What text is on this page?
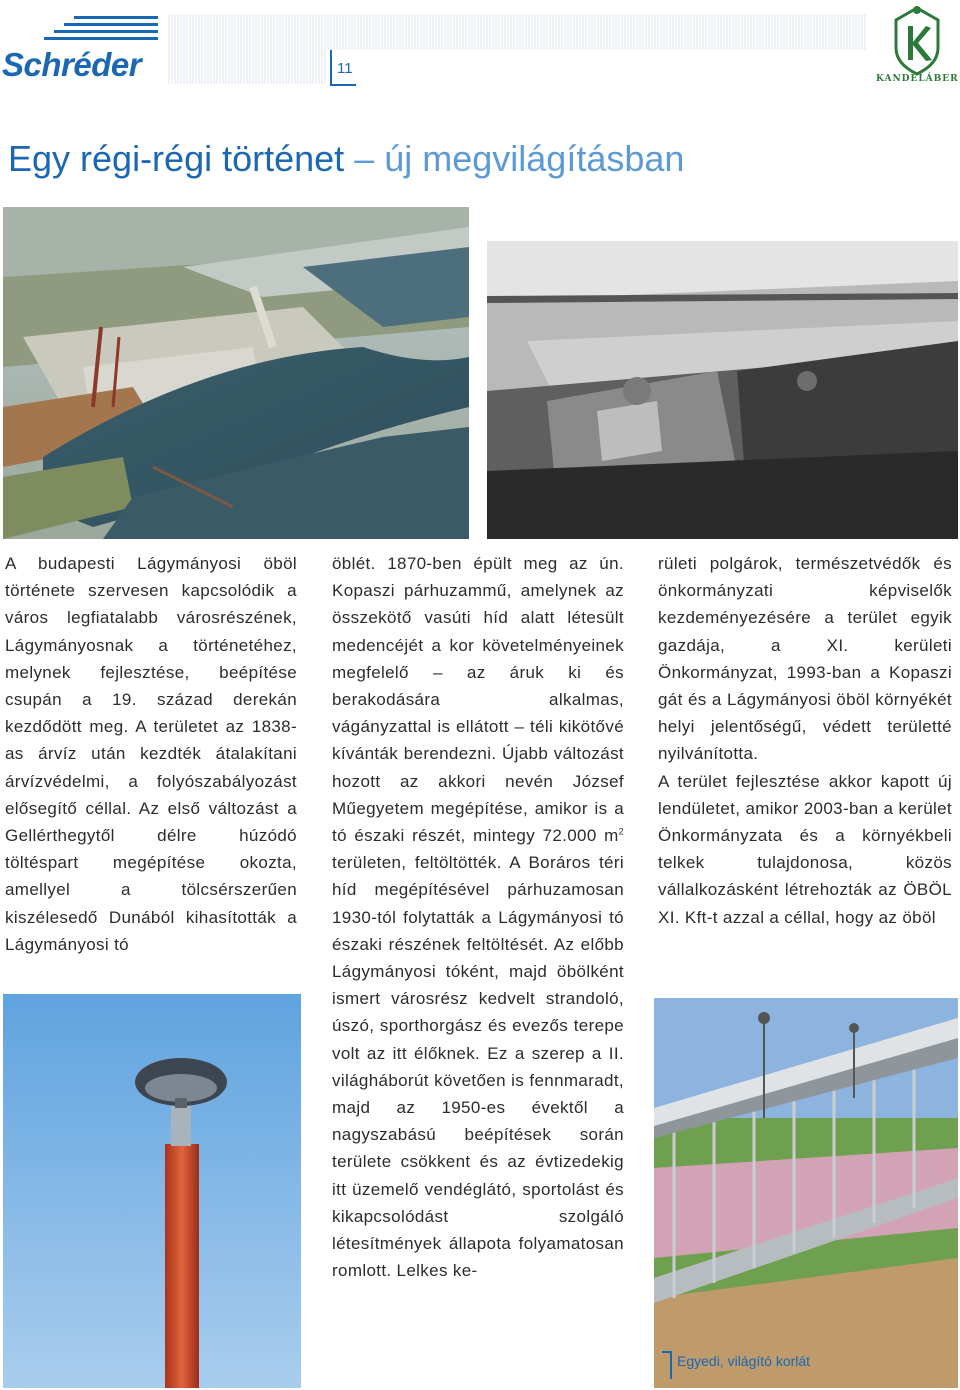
Schréder	11
KANDELÁBER
Egy régi-régi történet – új megvilágításban

A budapesti Lágymányosi öböl története szervesen kapcsolódik a város legfiatalabb városrészének, Lágymányosnak a történetéhez, melynek fejlesztése, beépítése csupán a 19. század derekán kezdődött meg. A területet az 1838-as árvíz után kezdték átalakítani árvízvédelmi, a folyószabályozást elősegítő céllal. Az első változást a Gellérthegytől délre húzódó töltéspart megépítése okozta, amellyel a tölcsérszerűen kiszélesedő Dunából kihasították a Lágymányosi tó

öblét. 1870-ben épült meg az ún. Kopaszi párhuzammű, amelynek az összekötő vasúti híd alatt létesült medencéjét a kor követelményeinek megfelelő – az áruk ki és berakodására alkalmas, vágányzattal is ellátott – téli kikötővé kívánták berendezni. Újabb változást hozott az akkori nevén József Műegyetem megépítése, amikor is a tó északi részét, mintegy 72.000 $m^2$ területen, feltöltötték. A Boráros téri híd megépítésével párhuzamosan 1930-tól folytatták a Lágymányosi tó északi részének feltöltését. Az előbb Lágymányosi tóként, majd öbölként ismert városrész kedvelt strandoló, úszó, sporthorgász és evezős terepe volt az itt élőknek. Ez a szerep a II. világháborút követően is fennmaradt, majd az 1950-es évektől a nagyszabású beépítések során területe csökkent és az évtizedekig itt üzemelő vendéglátó, sportolást és kikapcsolódást szolgáló létesítmények állapota folyamatosan romlott. Lelkes ke-

rületi polgárok, természetvédők és önkormányzati képviselők kezdeményezésére a terület egyik gazdája, a XI. kerületi Önkormányzat, 1993-ban a Kopaszi gát és a Lágymányosi öböl környékét helyi jelentőségű, védett területté nyilvánította.

A terület fejlesztése akkor kapott új lendületet, amikor 2003-ban a kerület Önkormányzata és a környékbeli telkek tulajdonosa, közös vállalkozásként létrehozták az ÖBÖL XI. Kft-t azzal a céllal, hogy az öböl

Egyedi, világító korlát
